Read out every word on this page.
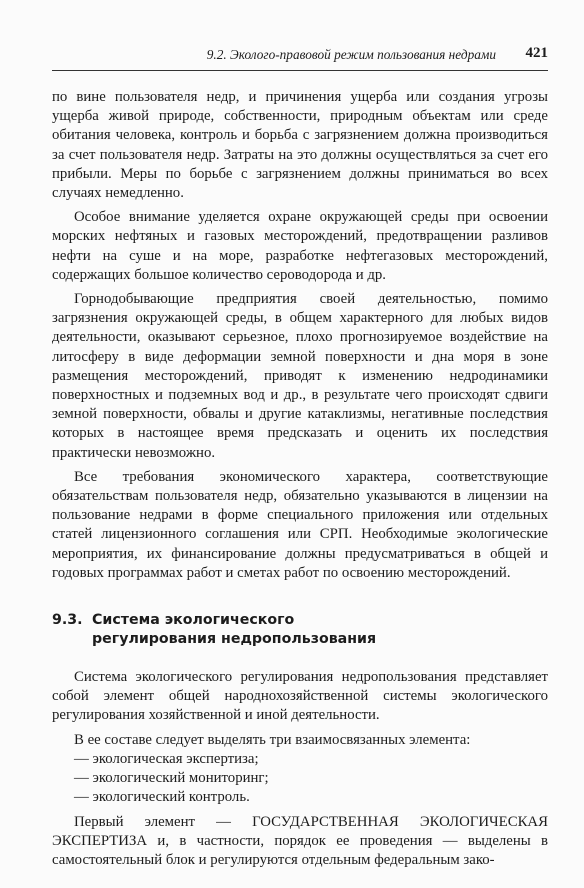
9.2. Эколого-правовой режим пользования недрами 421

по вине пользователя недр, и причинения ущерба или создания угрозы ущерба живой природе, собственности, природным объектам или среде обитания человека, контроль и борьба с загрязнением должна производиться за счет пользователя недр. Затраты на это должны осуществляться за счет его прибыли. Меры по борьбе с загрязнением должны приниматься во всех случаях немедленно.

Особое внимание уделяется охране окружающей среды при освоении морских нефтяных и газовых месторождений, предотвращении разливов нефти на суше и на море, разработке нефтегазовых месторождений, содержащих большое количество сероводорода и др.

Горнодобывающие предприятия своей деятельностью, помимо загрязнения окружающей среды, в общем характерного для любых видов деятельности, оказывают серьезное, плохо прогнозируемое воздействие на литосферу в виде деформации земной поверхности и дна моря в зоне размещения месторождений, приводят к изменению недродинамики поверхностных и подземных вод и др., в результате чего происходят сдвиги земной поверхности, обвалы и другие катаклизмы, негативные последствия которых в настоящее время предсказать и оценить их последствия практически невозможно.

Все требования экономического характера, соответствующие обязательствам пользователя недр, обязательно указываются в лицензии на пользование недрами в форме специального приложения или отдельных статей лицензионного соглашения или СРП. Необходимые экологические мероприятия, их финансирование должны предусматриваться в общей и годовых программах работ и сметах работ по освоению месторождений.

9.3. Система экологического регулирования недропользования

Система экологического регулирования недропользования представляет собой элемент общей народнохозяйственной системы экологического регулирования хозяйственной и иной деятельности.

В ее составе следует выделять три взаимосвязанных элемента:

— экологическая экспертиза;
— экологический мониторинг;
— экологический контроль.

Первый элемент — ГОСУДАРСТВЕННАЯ ЭКОЛОГИЧЕСКАЯ ЭКСПЕРТИЗА и, в частности, порядок ее проведения — выделены в самостоятельный блок и регулируются отдельным федеральным зако-
